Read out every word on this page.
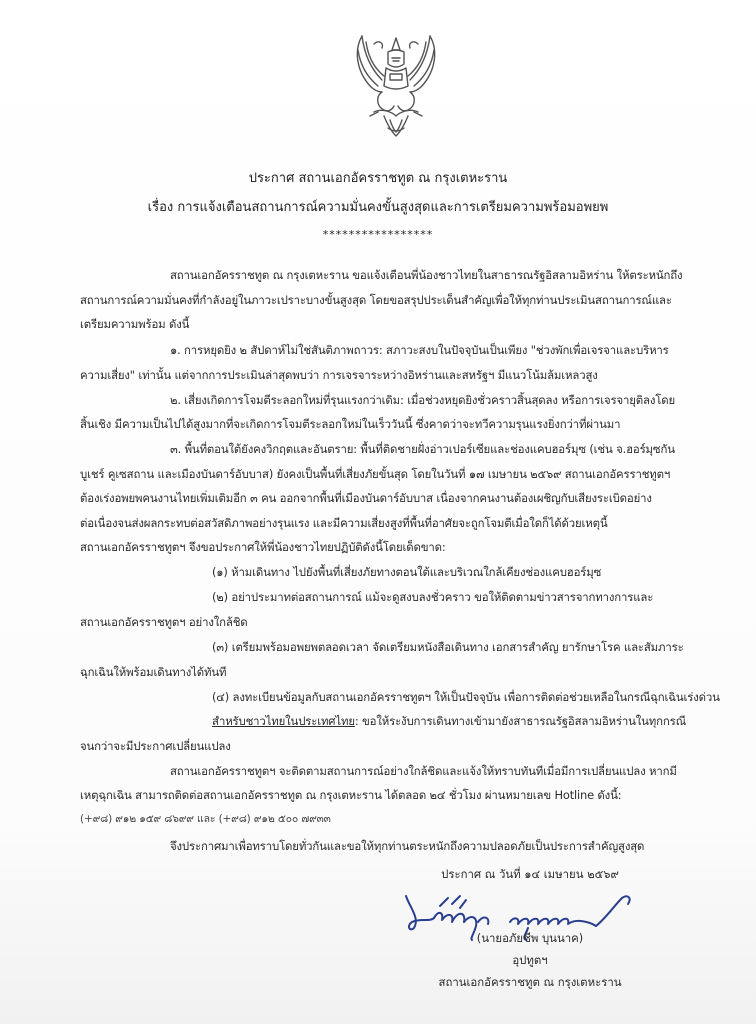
ประกาศ สถานเอกอัครราชทูต ณ กรุงเตหะราน
เรื่อง การแจ้งเตือนสถานการณ์ความมั่นคงขั้นสูงสุดและการเตรียมความพร้อมอพยพ
*****************
สถานเอกอัครราชทูต ณ กรุงเตหะราน ขอแจ้งเตือนพี่น้องชาวไทยในสาธารณรัฐอิสลามอิหร่าน ให้ตระหนักถึง
สถานการณ์ความมั่นคงที่กำลังอยู่ในภาวะเปราะบางขั้นสูงสุด โดยขอสรุปประเด็นสำคัญเพื่อให้ทุกท่านประเมินสถานการณ์และ
เตรียมความพร้อม ดังนี้
๑. การหยุดยิง ๒ สัปดาห์ไม่ใช่สันติภาพถาวร: สภาวะสงบในปัจจุบันเป็นเพียง "ช่วงพักเพื่อเจรจาและบริหาร
ความเสี่ยง" เท่านั้น แต่จากการประเมินล่าสุดพบว่า การเจรจาระหว่างอิหร่านและสหรัฐฯ มีแนวโน้มล้มเหลวสูง
๒. เสี่ยงเกิดการโจมตีระลอกใหม่ที่รุนแรงกว่าเดิม: เมื่อช่วงหยุดยิงชั่วคราวสิ้นสุดลง หรือการเจรจายุติลงโดย
สิ้นเชิง มีความเป็นไปได้สูงมากที่จะเกิดการโจมตีระลอกใหม่ในเร็ววันนี้ ซึ่งคาดว่าจะทวีความรุนแรงยิ่งกว่าที่ผ่านมา
๓. พื้นที่ตอนใต้ยังคงวิกฤตและอันตราย: พื้นที่ติดชายฝั่งอ่าวเปอร์เซียและช่องแคบฮอร์มุซ (เช่น จ.ฮอร์มุซกัน
บูเชร์ คูเซสถาน และเมืองบันดาร์อับบาส) ยังคงเป็นพื้นที่เสี่ยงภัยขั้นสุด โดยในวันที่ ๑๗ เมษายน ๒๕๖๙ สถานเอกอัครราชทูตฯ
ต้องเร่งอพยพคนงานไทยเพิ่มเติมอีก ๓ คน ออกจากพื้นที่เมืองบันดาร์อับบาส เนื่องจากคนงานต้องเผชิญกับเสียงระเบิดอย่าง
ต่อเนื่องจนส่งผลกระทบต่อสวัสดิภาพอย่างรุนแรง และมีความเสี่ยงสูงที่พื้นที่อาศัยจะถูกโจมตีเมื่อใดก็ได้ด้วยเหตุนี้
สถานเอกอัครราชทูตฯ จึงขอประกาศให้พี่น้องชาวไทยปฏิบัติดังนี้โดยเด็ดขาด:
(๑) ห้ามเดินทาง ไปยังพื้นที่เสี่ยงภัยทางตอนใต้และบริเวณใกล้เคียงช่องแคบฮอร์มุซ
(๒) อย่าประมาทต่อสถานการณ์ แม้จะดูสงบลงชั่วคราว ขอให้ติดตามข่าวสารจากทางการและ
สถานเอกอัครราชทูตฯ อย่างใกล้ชิด
(๓) เตรียมพร้อมอพยพตลอดเวลา จัดเตรียมหนังสือเดินทาง เอกสารสำคัญ ยารักษาโรค และสัมภาระ
ฉุกเฉินให้พร้อมเดินทางได้ทันที
(๔) ลงทะเบียนข้อมูลกับสถานเอกอัครราชทูตฯ ให้เป็นปัจจุบัน เพื่อการติดต่อช่วยเหลือในกรณีฉุกเฉินเร่งด่วน
สำหรับชาวไทยในประเทศไทย: ขอให้ระงับการเดินทางเข้ามายังสาธารณรัฐอิสลามอิหร่านในทุกกรณี
จนกว่าจะมีประกาศเปลี่ยนแปลง
สถานเอกอัครราชทูตฯ จะติดตามสถานการณ์อย่างใกล้ชิดและแจ้งให้ทราบทันทีเมื่อมีการเปลี่ยนแปลง หากมี
เหตุฉุกเฉิน สามารถติดต่อสถานเอกอัครราชทูต ณ กรุงเตหะราน ได้ตลอด ๒๔ ชั่วโมง ผ่านหมายเลข Hotline ดังนี้:
(+๙๘) ๙๑๒ ๑๕๙ ๘๖๙๙ และ (+๙๘) ๙๑๒ ๕๐๐ ๗๙๓๓
จึงประกาศมาเพื่อทราบโดยทั่วกันและขอให้ทุกท่านตระหนักถึงความปลอดภัยเป็นประการสำคัญสูงสุด
ประกาศ ณ วันที่ ๑๔ เมษายน ๒๕๖๙
(นายอภัยชีพ บุนนาค)
อุปทูตฯ
สถานเอกอัครราชทูต ณ กรุงเตหะราน
